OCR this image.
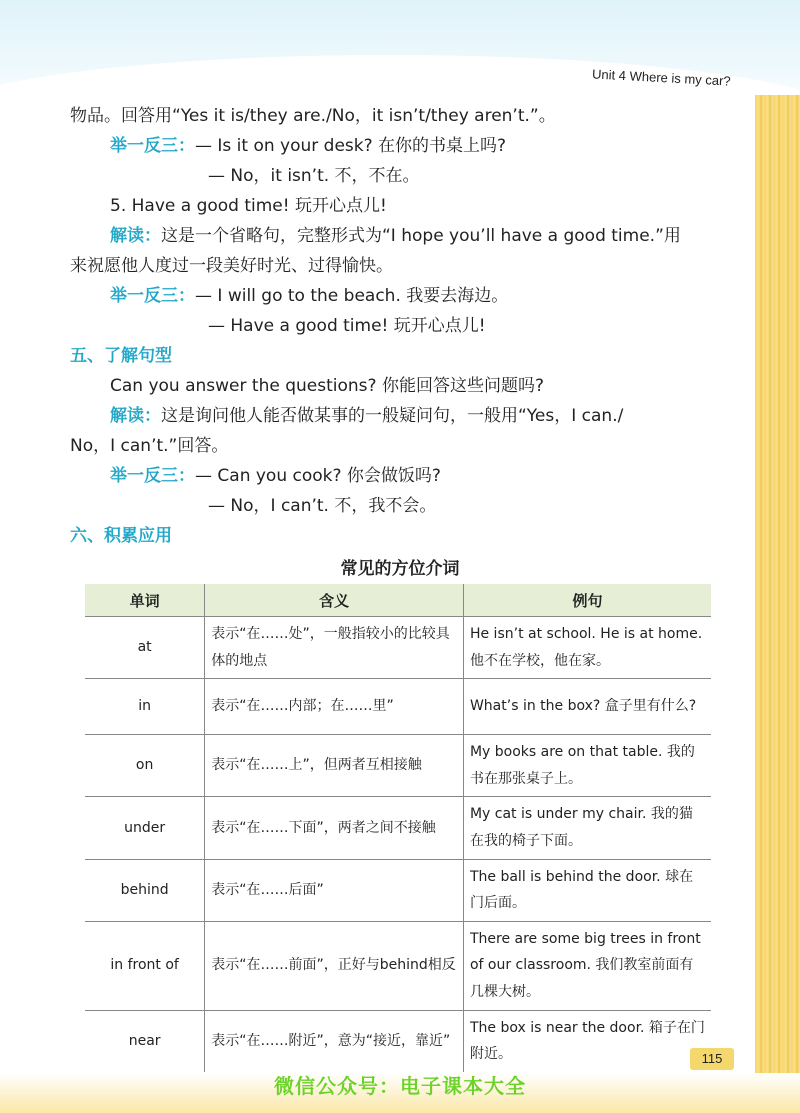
Unit 4 Where is my car?
物品。回答用“Yes it is/they are./No，it isn’t/they aren’t.”。
举一反三：— Is it on your desk? 在你的书桌上吗?
— No，it isn’t. 不，不在。
5. Have a good time! 玩开心点儿!
解读：这是一个省略句，完整形式为“I hope you’ll have a good time.”用
来祝愿他人度过一段美好时光、过得愉快。
举一反三：— I will go to the beach. 我要去海边。
— Have a good time! 玩开心点儿!
五、了解句型
Can you answer the questions? 你能回答这些问题吗?
解读：这是询问他人能否做某事的一般疑问句，一般用“Yes，I can./
No，I can’t.”回答。
举一反三：— Can you cook? 你会做饭吗?
— No，I can’t. 不，我不会。
六、积累应用
常见的方位介词
单词	含义	例句
at	表示“在……处”，一般指较小的比较具体的地点	He isn’t at school. He is at home. 他不在学校，他在家。
in	表示“在……内部；在……里”	What’s in the box? 盒子里有什么?
on	表示“在……上”，但两者互相接触	My books are on that table. 我的书在那张桌子上。
under	表示“在……下面”，两者之间不接触	My cat is under my chair. 我的猫在我的椅子下面。
behind	表示“在……后面”	The ball is behind the door. 球在门后面。
in front of	表示“在……前面”，正好与behind相反	There are some big trees in front of our classroom. 我们教室前面有几棵大树。
near	表示“在……附近”，意为“接近，靠近”	The box is near the door. 箱子在门附近。	115
微信公众号：电子课本大全
